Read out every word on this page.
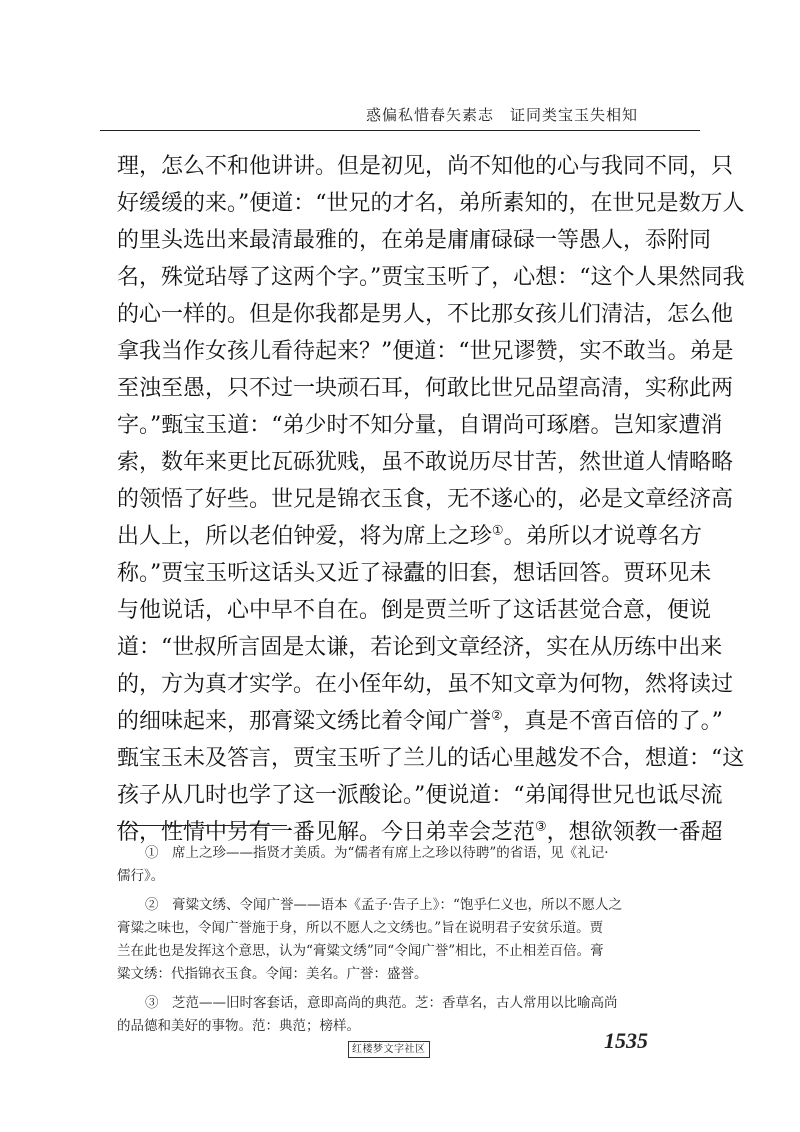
惑偏私惜春矢素志　证同类宝玉失相知
理，怎么不和他讲讲。但是初见，尚不知他的心与我同不同，只
好缓缓的来。”便道：“世兄的才名，弟所素知的，在世兄是数万人
的里头选出来最清最雅的，在弟是庸庸碌碌一等愚人，忝附同
名，殊觉玷辱了这两个字。”贾宝玉听了，心想：“这个人果然同我
的心一样的。但是你我都是男人，不比那女孩儿们清洁，怎么他
拿我当作女孩儿看待起来？”便道：“世兄谬赞，实不敢当。弟是
至浊至愚，只不过一块顽石耳，何敢比世兄品望高清，实称此两
字。”甄宝玉道：“弟少时不知分量，自谓尚可琢磨。岂知家遭消
索，数年来更比瓦砾犹贱，虽不敢说历尽甘苦，然世道人情略略
的领悟了好些。世兄是锦衣玉食，无不遂心的，必是文章经济高
出人上，所以老伯钟爱，将为席上之珍①。弟所以才说尊名方
称。”贾宝玉听这话头又近了禄蠹的旧套，想话回答。贾环见未
与他说话，心中早不自在。倒是贾兰听了这话甚觉合意，便说
道：“世叔所言固是太谦，若论到文章经济，实在从历练中出来
的，方为真才实学。在小侄年幼，虽不知文章为何物，然将读过
的细味起来，那膏粱文绣比着令闻广誉②，真是不啻百倍的了。”
甄宝玉未及答言，贾宝玉听了兰儿的话心里越发不合，想道：“这
孩子从几时也学了这一派酸论。”便说道：“弟闻得世兄也诋尽流
俗，性情中另有一番见解。今日弟幸会芝范③，想欲领教一番超
①　席上之珍——指贤才美质。为“儒者有席上之珍以待聘”的省语，见《礼记·
儒行》。
②　膏粱文绣、令闻广誉——语本《孟子·告子上》：“饱乎仁义也，所以不愿人之
膏粱之味也，令闻广誉施于身，所以不愿人之文绣也。”旨在说明君子安贫乐道。贾
兰在此也是发挥这个意思，认为“膏粱文绣”同“令闻广誉”相比，不止相差百倍。膏
粱文绣：代指锦衣玉食。令闻：美名。广誉：盛誉。
③　芝范——旧时客套话，意即高尚的典范。芝：香草名，古人常用以比喻高尚
的品德和美好的事物。范：典范；榜样。
红楼梦文字社区	1535
